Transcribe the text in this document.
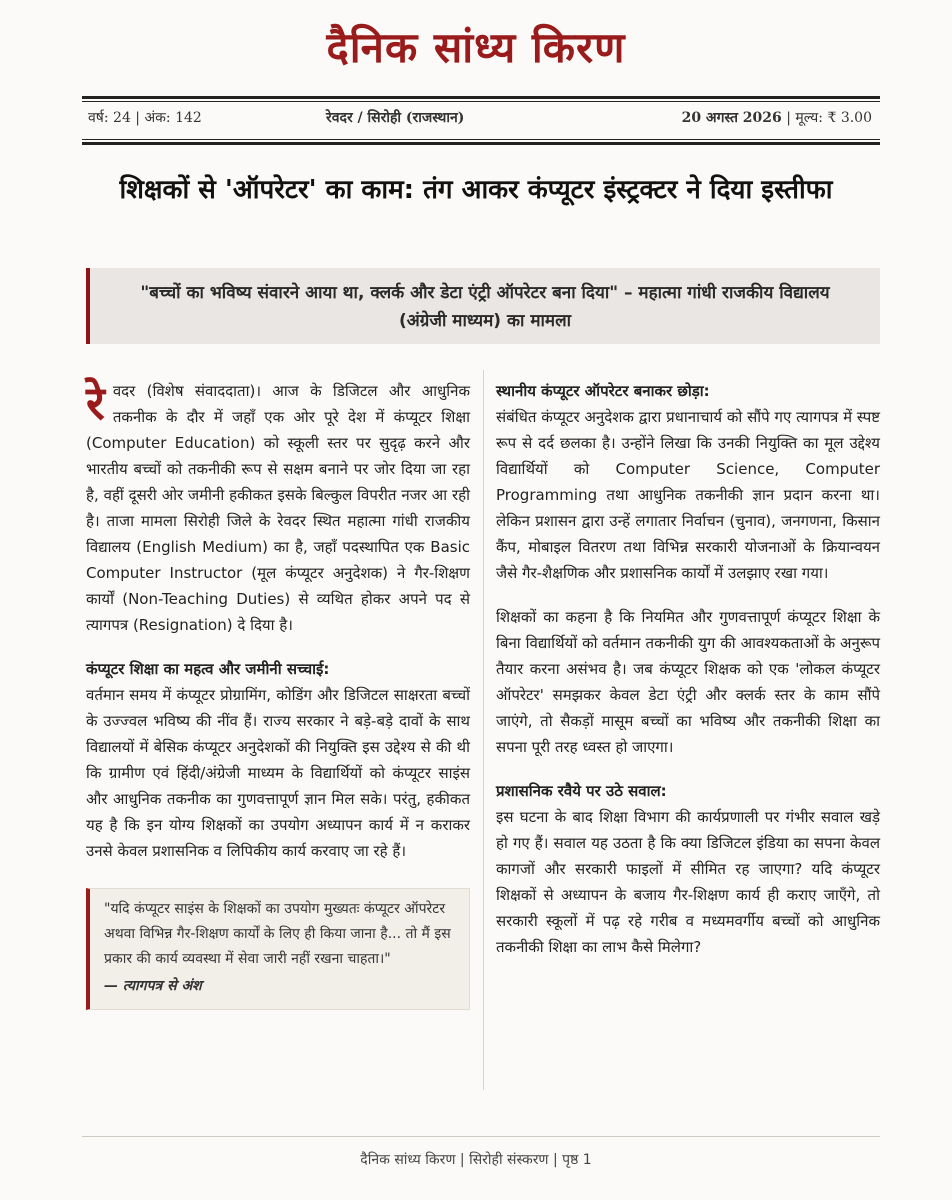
दैनिक सांध्य किरण
वर्ष: 24 | अंक: 142	रेवदर / सिरोही (राजस्थान)	20 अगस्त 2026 | मूल्य: ₹ 3.00
शिक्षकों से 'ऑपरेटर' का काम: तंग आकर कंप्यूटर इंस्ट्रक्टर ने दिया इस्तीफा
"बच्चों का भविष्य संवारने आया था, क्लर्क और डेटा एंट्री ऑपरेटर बना दिया" – महात्मा गांधी राजकीय विद्यालय (अंग्रेजी माध्यम) का मामला

रेवदर (विशेष संवाददाता)। आज के डिजिटल और आधुनिक तकनीक के दौर में जहाँ एक ओर पूरे देश में कंप्यूटर शिक्षा (Computer Education) को स्कूली स्तर पर सुदृढ़ करने और भारतीय बच्चों को तकनीकी रूप से सक्षम बनाने पर जोर दिया जा रहा है, वहीं दूसरी ओर जमीनी हकीकत इसके बिल्कुल विपरीत नजर आ रही है। ताजा मामला सिरोही जिले के रेवदर स्थित महात्मा गांधी राजकीय विद्यालय (English Medium) का है, जहाँ पदस्थापित एक Basic Computer Instructor (मूल कंप्यूटर अनुदेशक) ने गैर-शिक्षण कार्यों (Non-Teaching Duties) से व्यथित होकर अपने पद से त्यागपत्र (Resignation) दे दिया है।

कंप्यूटर शिक्षा का महत्व और जमीनी सच्चाई:

वर्तमान समय में कंप्यूटर प्रोग्रामिंग, कोडिंग और डिजिटल साक्षरता बच्चों के उज्ज्वल भविष्य की नींव हैं। राज्य सरकार ने बड़े-बड़े दावों के साथ विद्यालयों में बेसिक कंप्यूटर अनुदेशकों की नियुक्ति इस उद्देश्य से की थी कि ग्रामीण एवं हिंदी/अंग्रेजी माध्यम के विद्यार्थियों को कंप्यूटर साइंस और आधुनिक तकनीक का गुणवत्तापूर्ण ज्ञान मिल सके। परंतु, हकीकत यह है कि इन योग्य शिक्षकों का उपयोग अध्यापन कार्य में न कराकर उनसे केवल प्रशासनिक व लिपिकीय कार्य करवाए जा रहे हैं।

"यदि कंप्यूटर साइंस के शिक्षकों का उपयोग मुख्यतः कंप्यूटर ऑपरेटर अथवा विभिन्न गैर-शिक्षण कार्यों के लिए ही किया जाना है... तो मैं इस प्रकार की कार्य व्यवस्था में सेवा जारी नहीं रखना चाहता।"
— त्यागपत्र से अंश

स्थानीय कंप्यूटर ऑपरेटर बनाकर छोड़ा:

संबंधित कंप्यूटर अनुदेशक द्वारा प्रधानाचार्य को सौंपे गए त्यागपत्र में स्पष्ट रूप से दर्द छलका है। उन्होंने लिखा कि उनकी नियुक्ति का मूल उद्देश्य विद्यार्थियों को Computer Science, Computer Programming तथा आधुनिक तकनीकी ज्ञान प्रदान करना था। लेकिन प्रशासन द्वारा उन्हें लगातार निर्वाचन (चुनाव), जनगणना, किसान कैंप, मोबाइल वितरण तथा विभिन्न सरकारी योजनाओं के क्रियान्वयन जैसे गैर-शैक्षणिक और प्रशासनिक कार्यों में उलझाए रखा गया।

शिक्षकों का कहना है कि नियमित और गुणवत्तापूर्ण कंप्यूटर शिक्षा के बिना विद्यार्थियों को वर्तमान तकनीकी युग की आवश्यकताओं के अनुरूप तैयार करना असंभव है। जब कंप्यूटर शिक्षक को एक 'लोकल कंप्यूटर ऑपरेटर' समझकर केवल डेटा एंट्री और क्लर्क स्तर के काम सौंपे जाएंगे, तो सैकड़ों मासूम बच्चों का भविष्य और तकनीकी शिक्षा का सपना पूरी तरह ध्वस्त हो जाएगा।

प्रशासनिक रवैये पर उठे सवाल:

इस घटना के बाद शिक्षा विभाग की कार्यप्रणाली पर गंभीर सवाल खड़े हो गए हैं। सवाल यह उठता है कि क्या डिजिटल इंडिया का सपना केवल कागजों और सरकारी फाइलों में सीमित रह जाएगा? यदि कंप्यूटर शिक्षकों से अध्यापन के बजाय गैर-शिक्षण कार्य ही कराए जाएँगे, तो सरकारी स्कूलों में पढ़ रहे गरीब व मध्यमवर्गीय बच्चों को आधुनिक तकनीकी शिक्षा का लाभ कैसे मिलेगा?

दैनिक सांध्य किरण | सिरोही संस्करण | पृष्ठ 1
